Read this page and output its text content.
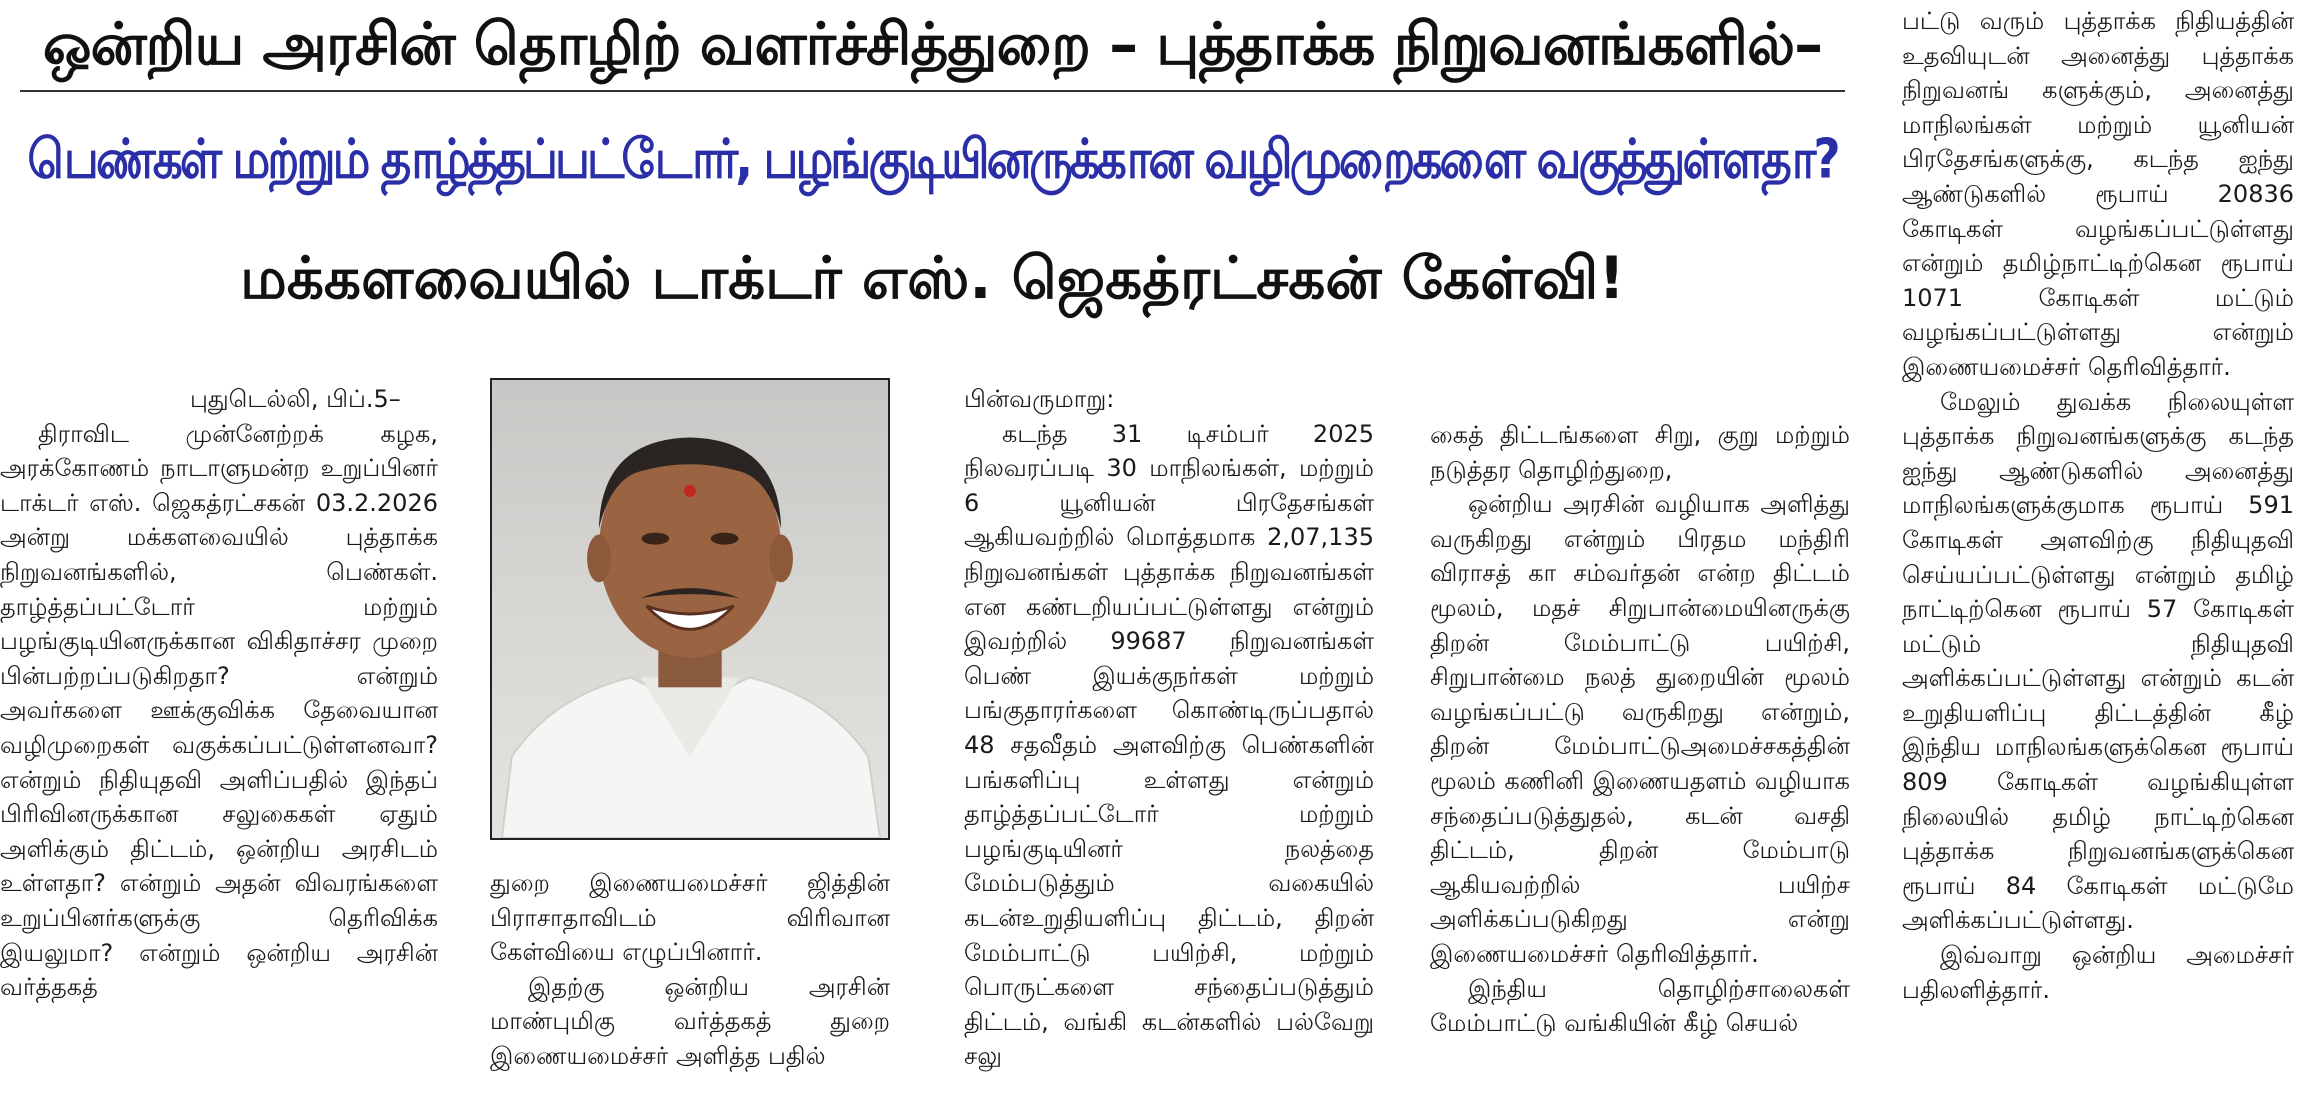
ஒன்றிய அரசின் தொழிற் வளர்ச்சித்துறை – புத்தாக்க நிறுவனங்களில்–
பெண்கள் மற்றும் தாழ்த்தப்பட்டோர், பழங்குடியினருக்கான வழிமுறைகளை வகுத்துள்ளதா?
மக்களவையில் டாக்டர் எஸ். ஜெகத்ரட்சகன் கேள்வி!

புதுடெல்லி, பிப்.5–

திராவிட முன்னேற்றக் கழக, அரக்கோணம் நாடாளுமன்ற உறுப்பினர் டாக்டர் எஸ். ஜெகத்ரட்சகன் 03.2.2026 அன்று மக்களவையில் புத்தாக்க நிறுவனங்களில், பெண்கள். தாழ்த்தப்பட்டோர் மற்றும் பழங்குடியினருக்கான விகிதாச்சர முறை பின்பற்றப்படுகிறதா? என்றும் அவர்களை ஊக்குவிக்க தேவையான வழிமுறைகள் வகுக்கப்பட்டுள்ளனவா? என்றும் நிதியுதவி அளிப்பதில் இந்தப் பிரிவினருக்கான சலுகைகள் ஏதும் அளிக்கும் திட்டம், ஒன்றிய அரசிடம் உள்ளதா? என்றும் அதன் விவரங்களை உறுப்பினர்களுக்கு தெரிவிக்க இயலுமா? என்றும் ஒன்றிய அரசின் வர்த்தகத்

துறை இணையமைச்சர் ஜித்தின் பிராசாதாவிடம் விரிவான கேள்வியை எழுப்பினார்.

இதற்கு ஒன்றிய அரசின் மாண்புமிகு வர்த்தகத் துறை இணையமைச்சர் அளித்த பதில்

பின்வருமாறு:

கடந்த 31 டிசம்பர் 2025 நிலவரப்படி 30 மாநிலங்கள், மற்றும் 6 யூனியன் பிரதேசங்கள் ஆகியவற்றில் மொத்தமாக 2,07,135 நிறுவனங்கள் புத்தாக்க நிறுவனங்கள் என கண்டறியப்பட்டுள்ளது என்றும் இவற்றில் 99687 நிறுவனங்கள் பெண் இயக்குநர்கள் மற்றும் பங்குதாரர்களை கொண்டிருப்பதால் 48 சதவீதம் அளவிற்கு பெண்களின் பங்களிப்பு உள்ளது என்றும் தாழ்த்தப்பட்டோர் மற்றும் பழங்குடியினர் நலத்தை மேம்படுத்தும் வகையில் கடன்உறுதியளிப்பு திட்டம், திறன் மேம்பாட்டு பயிற்சி, மற்றும் பொருட்களை சந்தைப்படுத்தும் திட்டம், வங்கி கடன்களில் பல்வேறு சலு

கைத் திட்டங்களை சிறு, குறு மற்றும் நடுத்தர தொழிற்துறை,

ஒன்றிய அரசின் வழியாக அளித்து வருகிறது என்றும் பிரதம மந்திரி விராசத் கா சம்வர்தன் என்ற திட்டம் மூலம், மதச் சிறுபான்மையினருக்கு திறன் மேம்பாட்டு பயிற்சி, சிறுபான்மை நலத் துறையின் மூலம் வழங்கப்பட்டு வருகிறது என்றும், திறன் மேம்பாட்டுஅமைச்சகத்தின் மூலம் கணினி இணையதளம் வழியாக சந்தைப்படுத்துதல், கடன் வசதி திட்டம், திறன் மேம்பாடு ஆகியவற்றில் பயிற்ச அளிக்கப்படுகிறது என்று இணையமைச்சர் தெரிவித்தார்.

இந்திய தொழிற்சாலைகள் மேம்பாட்டு வங்கியின் கீழ் செயல்

பட்டு வரும் புத்தாக்க நிதியத்தின் உதவியுடன் அனைத்து புத்தாக்க நிறுவனங் களுக்கும், அனைத்து மாநிலங்கள் மற்றும் யூனியன் பிரதேசங்களுக்கு, கடந்த ஐந்து ஆண்டுகளில் ரூபாய் 20836 கோடிகள் வழங்கப்பட்டுள்ளது என்றும் தமிழ்நாட்டிற்கென ரூபாய் 1071 கோடிகள் மட்டும் வழங்கப்பட்டுள்ளது என்றும் இணையமைச்சர் தெரிவித்தார்.

மேலும் துவக்க நிலையுள்ள புத்தாக்க நிறுவனங்களுக்கு கடந்த ஐந்து ஆண்டுகளில் அனைத்து மாநிலங்களுக்குமாக ரூபாய் 591 கோடிகள் அளவிற்கு நிதியுதவி செய்யப்பட்டுள்ளது என்றும் தமிழ் நாட்டிற்கென ரூபாய் 57 கோடிகள் மட்டும் நிதியுதவி அளிக்கப்பட்டுள்ளது என்றும் கடன் உறுதியளிப்பு திட்டத்தின் கீழ் இந்திய மாநிலங்களுக்கென ரூபாய் 809 கோடிகள் வழங்கியுள்ள நிலையில் தமிழ் நாட்டிற்கென புத்தாக்க நிறுவனங்களுக்கென ரூபாய் 84 கோடிகள் மட்டுமே அளிக்கப்பட்டுள்ளது.

இவ்வாறு ஒன்றிய அமைச்சர் பதிலளித்தார்.
